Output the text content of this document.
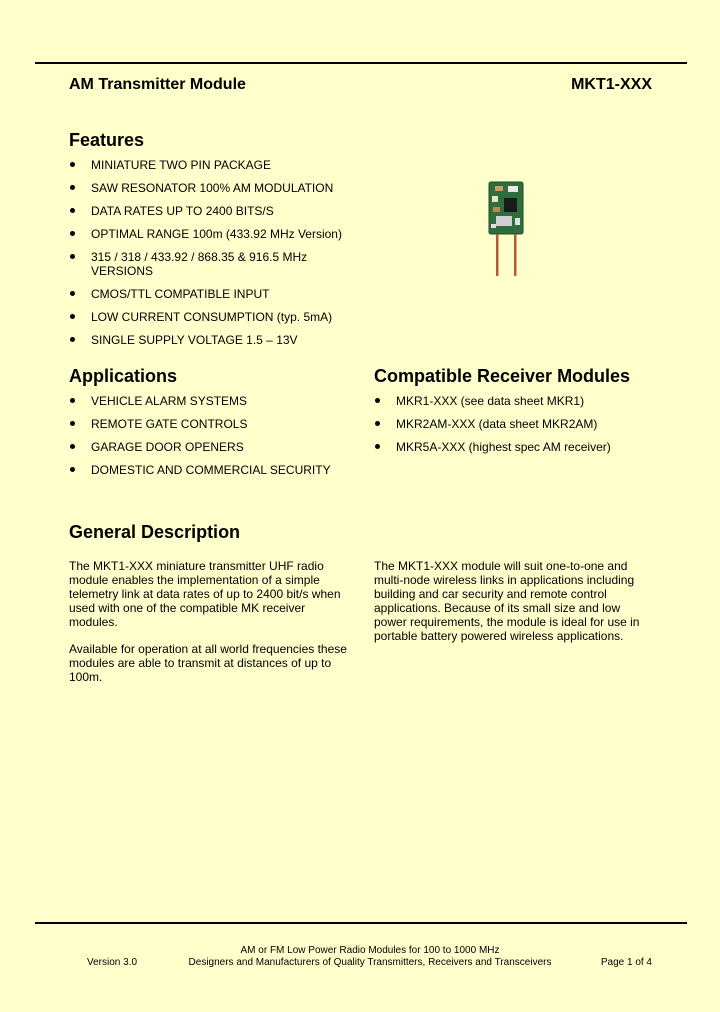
AM Transmitter Module	MKT1-XXX
Features
MINIATURE TWO PIN PACKAGE
SAW RESONATOR 100% AM MODULATION
DATA RATES UP TO 2400 BITS/S
OPTIMAL RANGE 100m (433.92 MHz Version)
315 / 318 / 433.92 / 868.35 & 916.5 MHz VERSIONS
CMOS/TTL COMPATIBLE INPUT
LOW CURRENT CONSUMPTION (typ. 5mA)
SINGLE SUPPLY VOLTAGE 1.5 – 13V
Applications
VEHICLE ALARM SYSTEMS
REMOTE GATE CONTROLS
GARAGE DOOR OPENERS
DOMESTIC AND COMMERCIAL SECURITY
Compatible Receiver Modules
MKR1-XXX (see data sheet MKR1)
MKR2AM-XXX (data sheet MKR2AM)
MKR5A-XXX (highest spec AM receiver)
General Description

The MKT1-XXX miniature transmitter UHF radio module enables the implementation of a simple telemetry link at data rates of up to 2400 bit/s when used with one of the compatible MK receiver modules.

Available for operation at all world frequencies these modules are able to transmit at distances of up to 100m.

The MKT1-XXX module will suit one-to-one and multi-node wireless links in applications including building and car security and remote control applications. Because of its small size and low power requirements, the module is ideal for use in portable battery powered wireless applications.

Version 3.0
AM or FM Low Power Radio Modules for 100 to 1000 MHz
Designers and Manufacturers of Quality Transmitters, Receivers and Transceivers	Page 1 of 4
